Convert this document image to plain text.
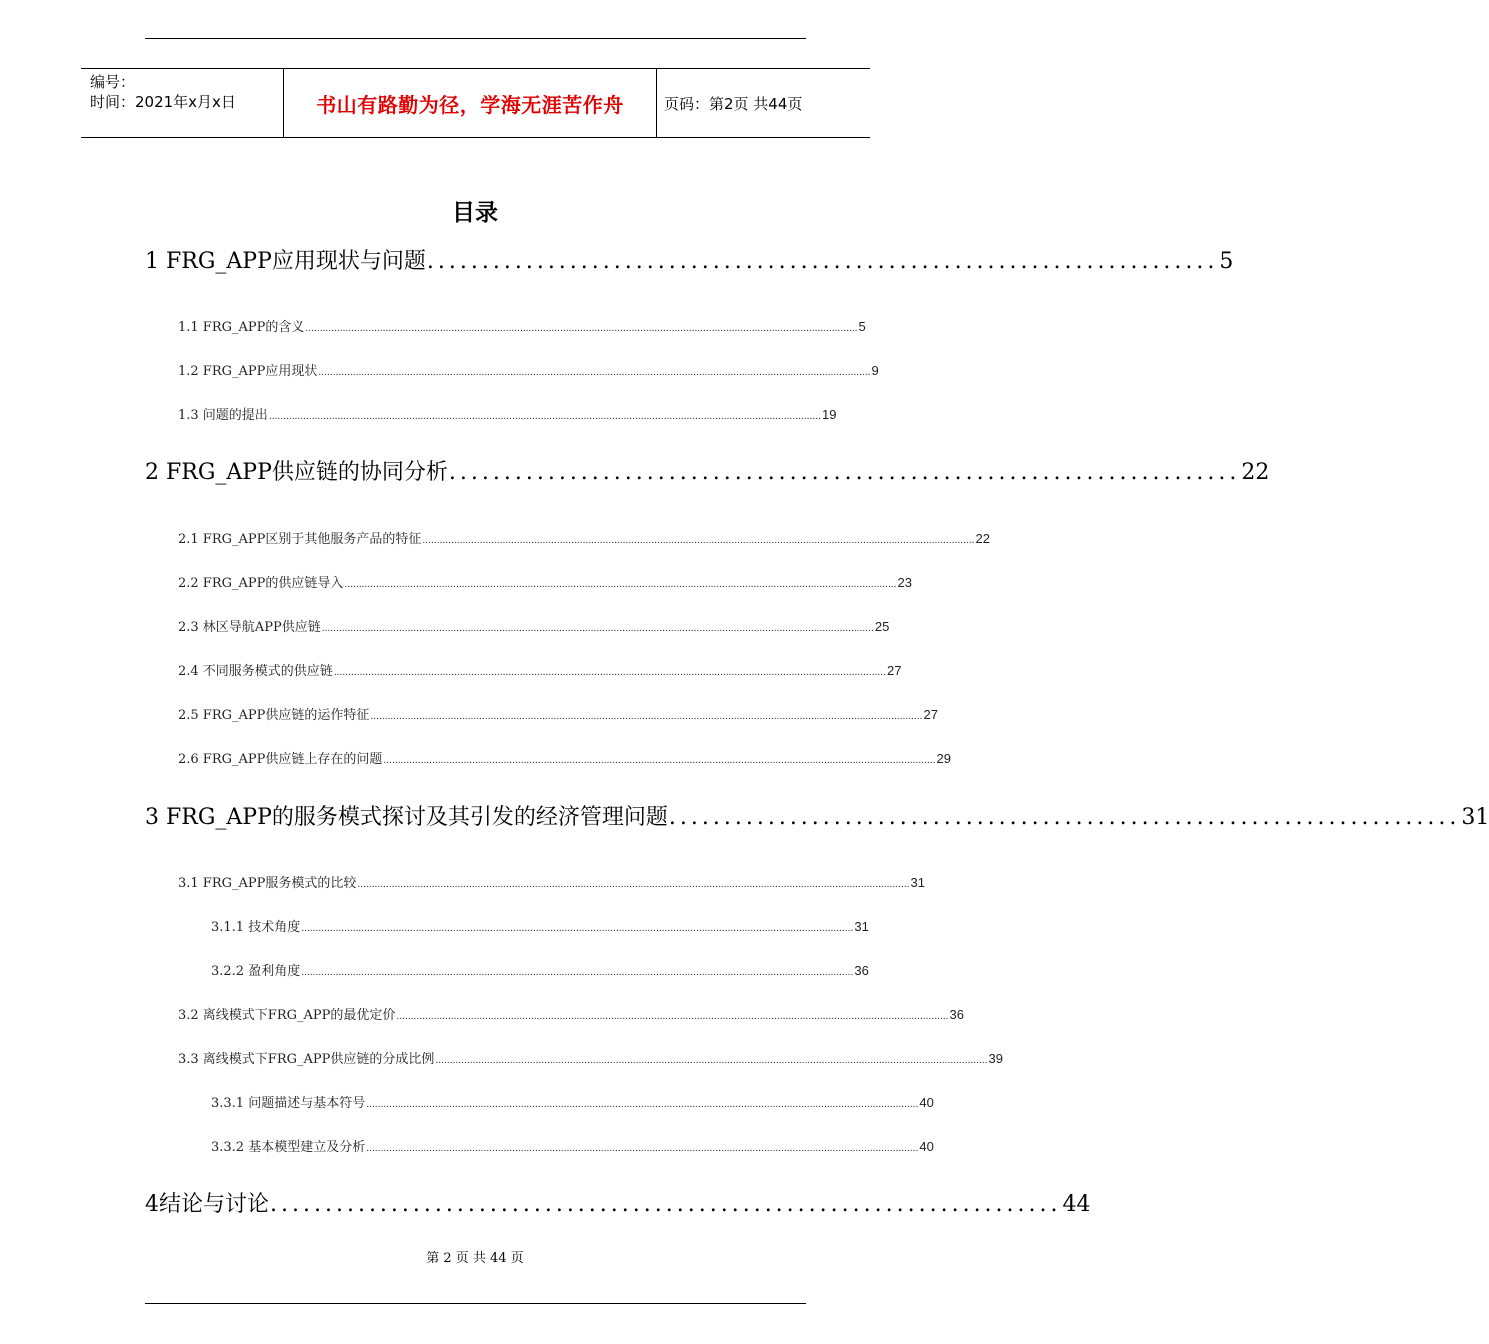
编号：
时间：2021年x月x日	书山有路勤为径，学海无涯苦作舟	页码：第2页 共44页
目录
1 FRG_APP应用现状与问题 ........................................................................ 5
1.1 FRG_APP的含义 ................................................................................................................................................................................................. 5
1.2 FRG_APP应用现状 ................................................................................................................................................................................................. 9
1.3 问题的提出 ................................................................................................................................................................................................. 19
2 FRG_APP供应链的协同分析 ........................................................................ 22
2.1 FRG_APP区别于其他服务产品的特征 ................................................................................................................................................................................................. 22
2.2 FRG_APP的供应链导入 ................................................................................................................................................................................................. 23
2.3 林区导航APP供应链 ................................................................................................................................................................................................. 25
2.4 不同服务模式的供应链 ................................................................................................................................................................................................. 27
2.5 FRG_APP供应链的运作特征 ................................................................................................................................................................................................. 27
2.6 FRG_APP供应链上存在的问题 ................................................................................................................................................................................................. 29
3 FRG_APP的服务模式探讨及其引发的经济管理问题 ........................................................................ 31
3.1 FRG_APP服务模式的比较 ................................................................................................................................................................................................. 31
3.1.1 技术角度 ................................................................................................................................................................................................. 31
3.2.2 盈利角度 ................................................................................................................................................................................................. 36
3.2 离线模式下FRG_APP的最优定价 ................................................................................................................................................................................................. 36
3.3 离线模式下FRG_APP供应链的分成比例 ................................................................................................................................................................................................. 39
3.3.1 问题描述与基本符号 ................................................................................................................................................................................................. 40
3.3.2 基本模型建立及分析 ................................................................................................................................................................................................. 40
4结论与讨论 ........................................................................ 44
第 2 页 共 44 页
